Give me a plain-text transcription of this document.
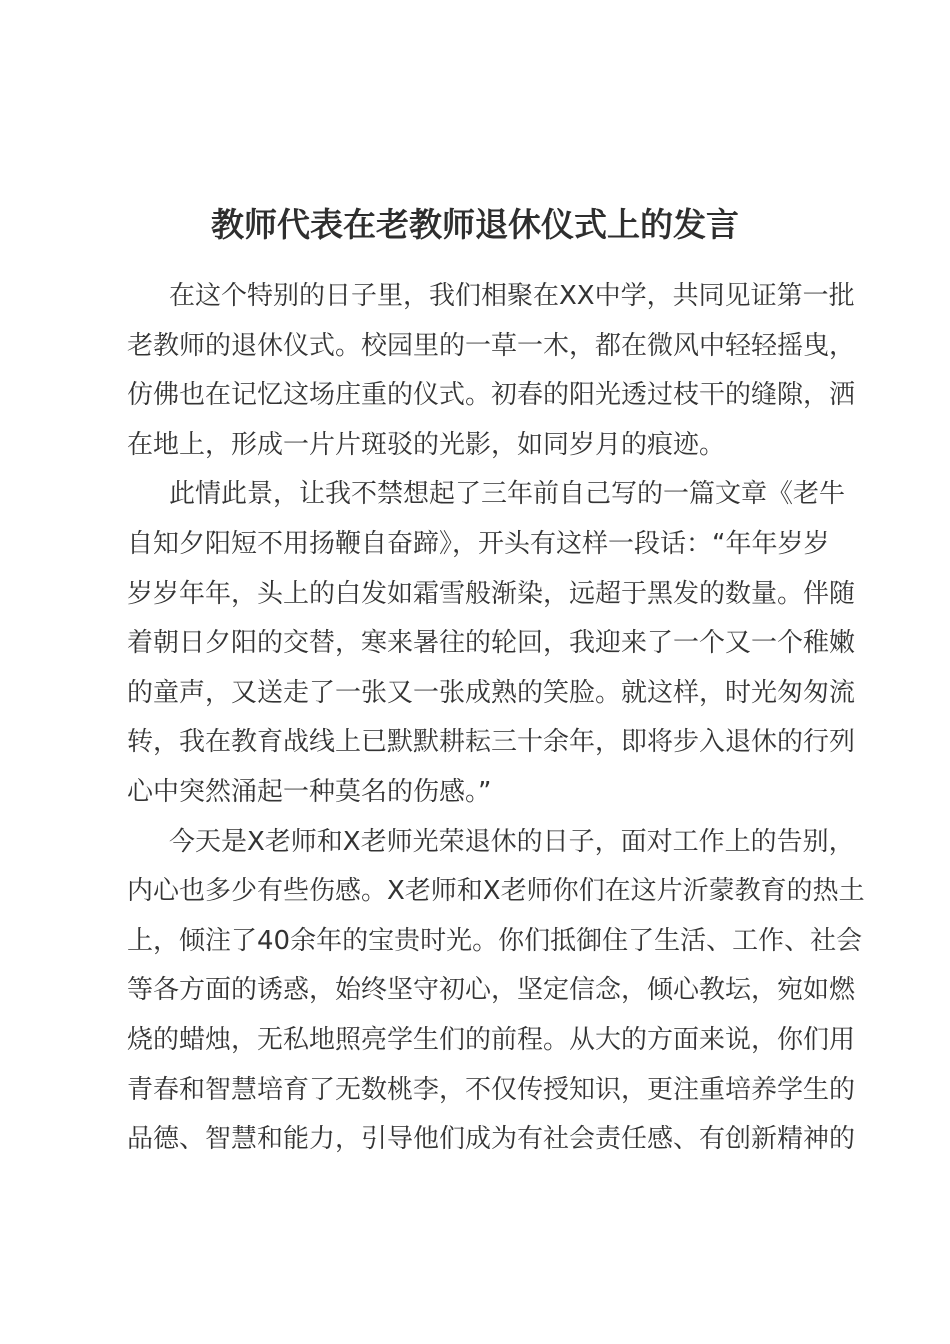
教师代表在老教师退休仪式上的发言
在这个特别的日子里，我们相聚在XX中学，共同见证第一批
老教师的退休仪式。校园里的一草一木，都在微风中轻轻摇曳，
仿佛也在记忆这场庄重的仪式。初春的阳光透过枝干的缝隙，洒
在地上，形成一片片斑驳的光影，如同岁月的痕迹。
此情此景，让我不禁想起了三年前自己写的一篇文章《老牛
自知夕阳短不用扬鞭自奋蹄》，开头有这样一段话：“年年岁岁
岁岁年年，头上的白发如霜雪般渐染，远超于黑发的数量。伴随
着朝日夕阳的交替，寒来暑往的轮回，我迎来了一个又一个稚嫩
的童声，又送走了一张又一张成熟的笑脸。就这样，时光匆匆流
转，我在教育战线上已默默耕耘三十余年，即将步入退休的行列
心中突然涌起一种莫名的伤感。”
今天是X老师和X老师光荣退休的日子，面对工作上的告别，
内心也多少有些伤感。X老师和X老师你们在这片沂蒙教育的热土
上，倾注了40余年的宝贵时光。你们抵御住了生活、工作、社会
等各方面的诱惑，始终坚守初心，坚定信念，倾心教坛，宛如燃
烧的蜡烛，无私地照亮学生们的前程。从大的方面来说，你们用
青春和智慧培育了无数桃李，不仅传授知识，更注重培养学生的
品德、智慧和能力，引导他们成为有社会责任感、有创新精神的
